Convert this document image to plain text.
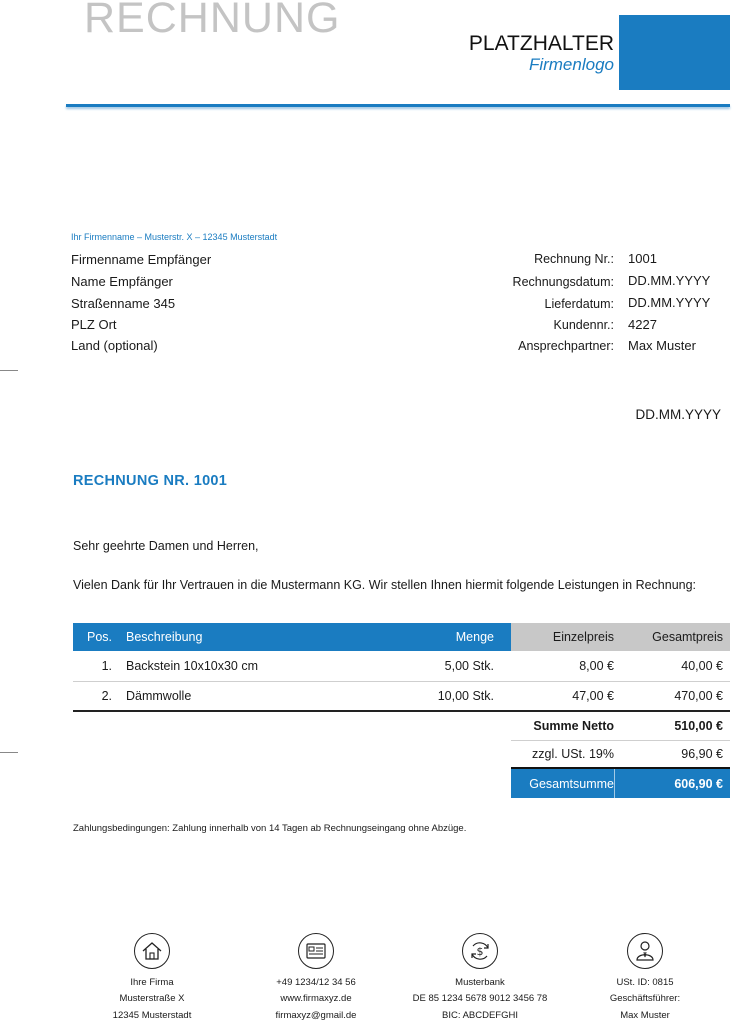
RECHNUNG
PLATZHALTER
Firmenlogo
Ihr Firmenname – Musterstr. X – 12345 Musterstadt
Firmenname Empfänger
Name Empfänger
Straßenname 345
PLZ Ort
Land (optional)
Rechnung Nr.: 1001
Rechnungsdatum: DD.MM.YYYY
Lieferdatum: DD.MM.YYYY
Kundennr.: 4227
Ansprechpartner: Max Muster
DD.MM.YYYY
RECHNUNG NR. 1001
Sehr geehrte Damen und Herren,
Vielen Dank für Ihr Vertrauen in die Mustermann KG. Wir stellen Ihnen hiermit folgende Leistungen in Rechnung:
Pos.	Beschreibung	Menge	Einzelpreis	Gesamtpreis
1. Backstein 10x10x30 cm	5,00 Stk.	8,00 €	40,00 €
2. Dämmwolle	10,00 Stk.	47,00 €	470,00 €
Summe Netto	510,00 €
zzgl. USt. 19%	96,90 €
Gesamtsumme	606,90 €
Zahlungsbedingungen: Zahlung innerhalb von 14 Tagen ab Rechnungseingang ohne Abzüge.
$
Ihre Firma
Musterstraße X
12345 Musterstadt
+49 1234/12 34 56
www.firmaxyz.de
firmaxyz@gmail.de
Musterbank
DE 85 1234 5678 9012 3456 78
BIC: ABCDEFGHI
USt. ID: 0815
Geschäftsführer:
Max Muster
